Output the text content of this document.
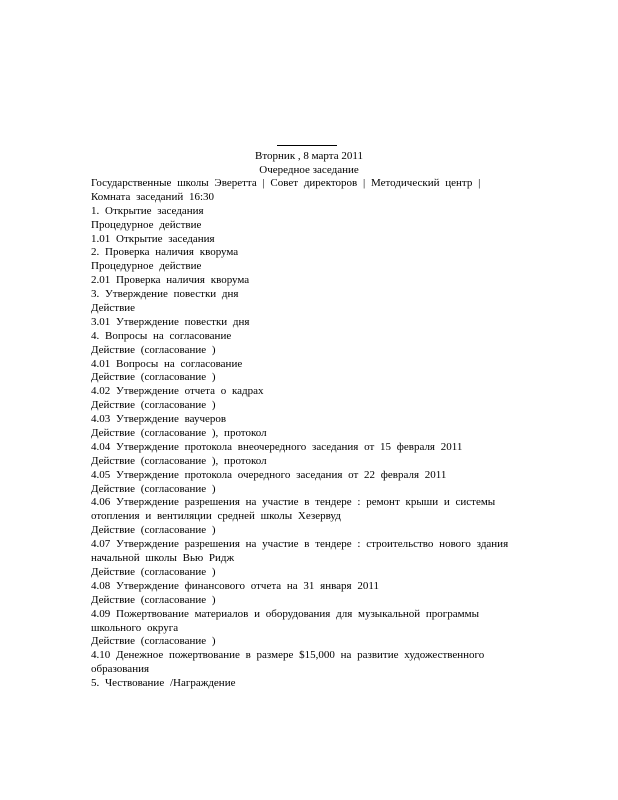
Вторник , 8 марта 2011
Очередное заседание
Государственные школы Эверетта | Совет директоров | Методический центр |
Комната заседаний 16:30
1. Открытие заседания
Процедурное действие
1.01 Открытие заседания
2. Проверка наличия кворума
Процедурное действие
2.01 Проверка наличия кворума
3. Утверждение повестки дня
Действие
3.01 Утверждение повестки дня
4. Вопросы на согласование
Действие (согласование )
4.01 Вопросы на согласование
Действие (согласование )
4.02 Утверждение отчета о кадрах
Действие (согласование )
4.03 Утверждение ваучеров
Действие (согласование ), протокол
4.04 Утверждение протокола внеочередного заседания от 15 февраля 2011
Действие (согласование ), протокол
4.05 Утверждение протокола очередного заседания от 22 февраля 2011
Действие (согласование )
4.06 Утверждение разрешения на участие в тендере : ремонт крыши и системы
отопления и вентиляции средней школы Хезервуд
Действие (согласование )
4.07 Утверждение разрешения на участие в тендере : строительство нового здания
начальной школы Вью Ридж
Действие (согласование )
4.08 Утверждение финансового отчета на 31 января 2011
Действие (согласование )
4.09 Пожертвование материалов и оборудования для музыкальной программы
школьного округа
Действие (согласование )
4.10 Денежное пожертвование в размере $15,000 на развитие художественного
образования
5. Чествование /Награждение
